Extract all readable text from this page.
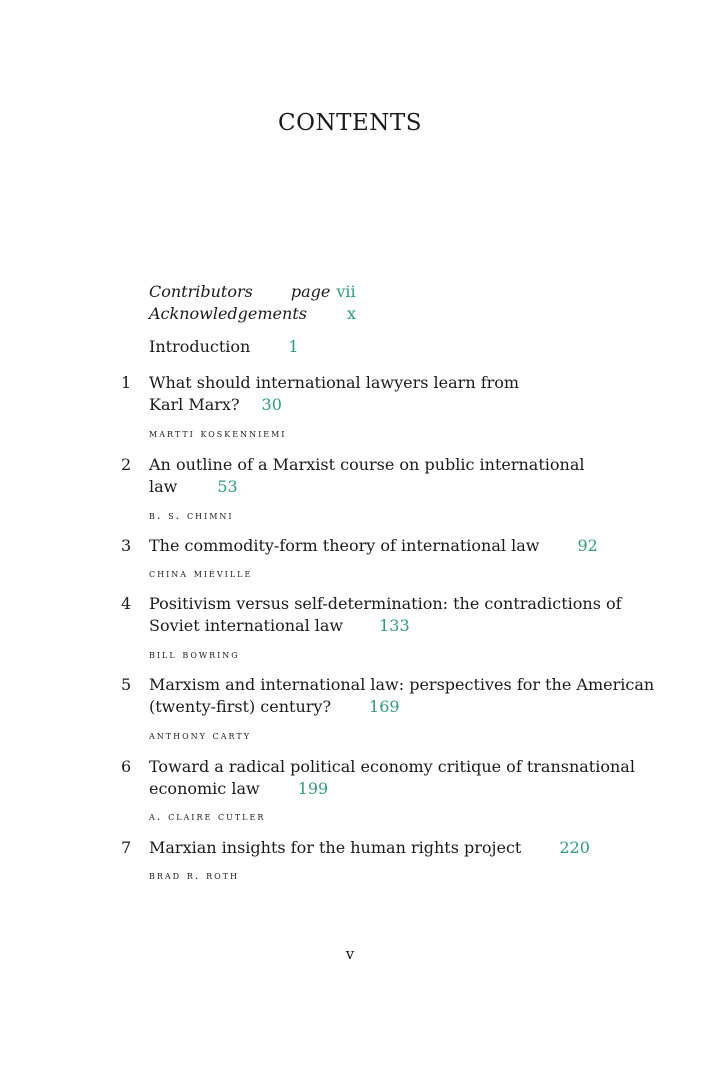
CONTENTS
Contributors page vii
Acknowledgements	x
Introduction 1
1 What should international lawyers learn from
Karl Marx? 30
martti koskenniemi
2 An outline of a Marxist course on public international
law	53
b. s. chimni
3 The commodity-form theory of international law 92
china miéville
4 Positivism versus self-determination: the contradictions of
Soviet international law 133
bill bowring
5 Marxism and international law: perspectives for the American
(twenty-first) century? 169
anthony carty
6 Toward a radical political economy critique of transnational
economic law 199
a. claire cutler
7 Marxian insights for the human rights project 220
brad r. roth
v
